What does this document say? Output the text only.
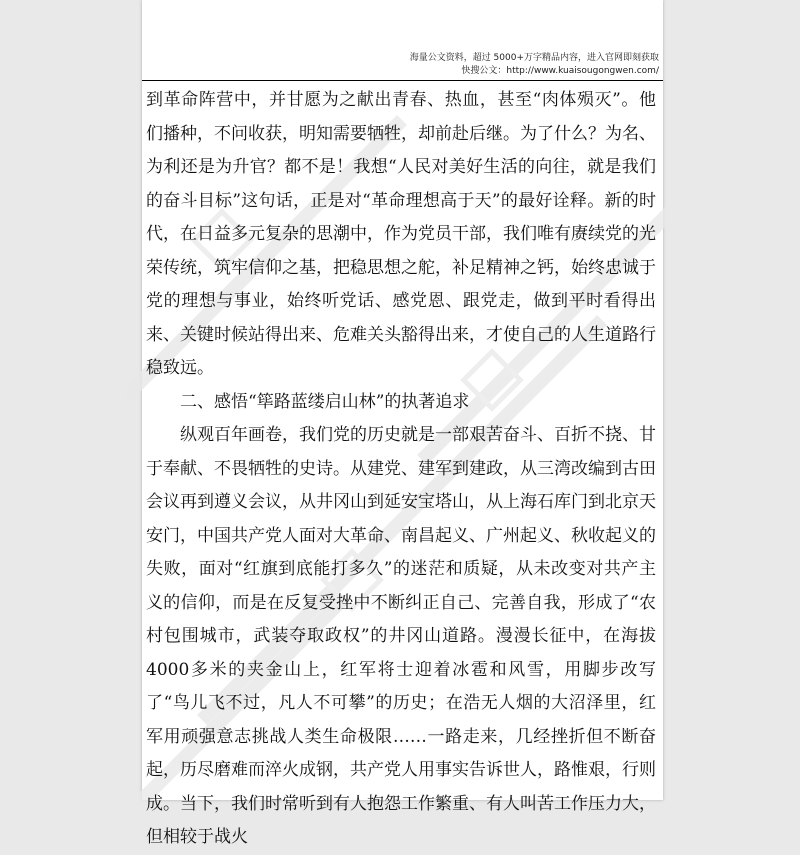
海量公文资料，超过 5000+万字精品内容，进入官网即刻获取
快搜公文：http://www.kuaisougongwen.com/

到革命阵营中，并甘愿为之献出青春、热血，甚至“肉体殒灭”。他们播种，不问收获，明知需要牺牲，却前赴后继。为了什么？为名、为利还是为升官？都不是！我想“人民对美好生活的向往，就是我们的奋斗目标”这句话，正是对“革命理想高于天”的最好诠释。新的时代，在日益多元复杂的思潮中，作为党员干部，我们唯有赓续党的光荣传统，筑牢信仰之基，把稳思想之舵，补足精神之钙，始终忠诚于党的理想与事业，始终听党话、感党恩、跟党走，做到平时看得出来、关键时候站得出来、危难关头豁得出来，才使自己的人生道路行稳致远。

二、感悟“筚路蓝缕启山林”的执著追求

纵观百年画卷，我们党的历史就是一部艰苦奋斗、百折不挠、甘于奉献、不畏牺牲的史诗。从建党、建军到建政，从三湾改编到古田会议再到遵义会议，从井冈山到延安宝塔山，从上海石库门到北京天安门，中国共产党人面对大革命、南昌起义、广州起义、秋收起义的失败，面对“红旗到底能打多久”的迷茫和质疑，从未改变对共产主义的信仰，而是在反复受挫中不断纠正自己、完善自我，形成了“农村包围城市，武装夺取政权”的井冈山道路。漫漫长征中，在海拔4000多米的夹金山上，红军将士迎着冰雹和风雪，用脚步改写了“鸟儿飞不过，凡人不可攀”的历史；在浩无人烟的大沼泽里，红军用顽强意志挑战人类生命极限……一路走来，几经挫折但不断奋起，历尽磨难而淬火成钢，共产党人用事实告诉世人，路惟艰，行则成。当下，我们时常听到有人抱怨工作繁重、有人叫苦工作压力大，但相较于战火
